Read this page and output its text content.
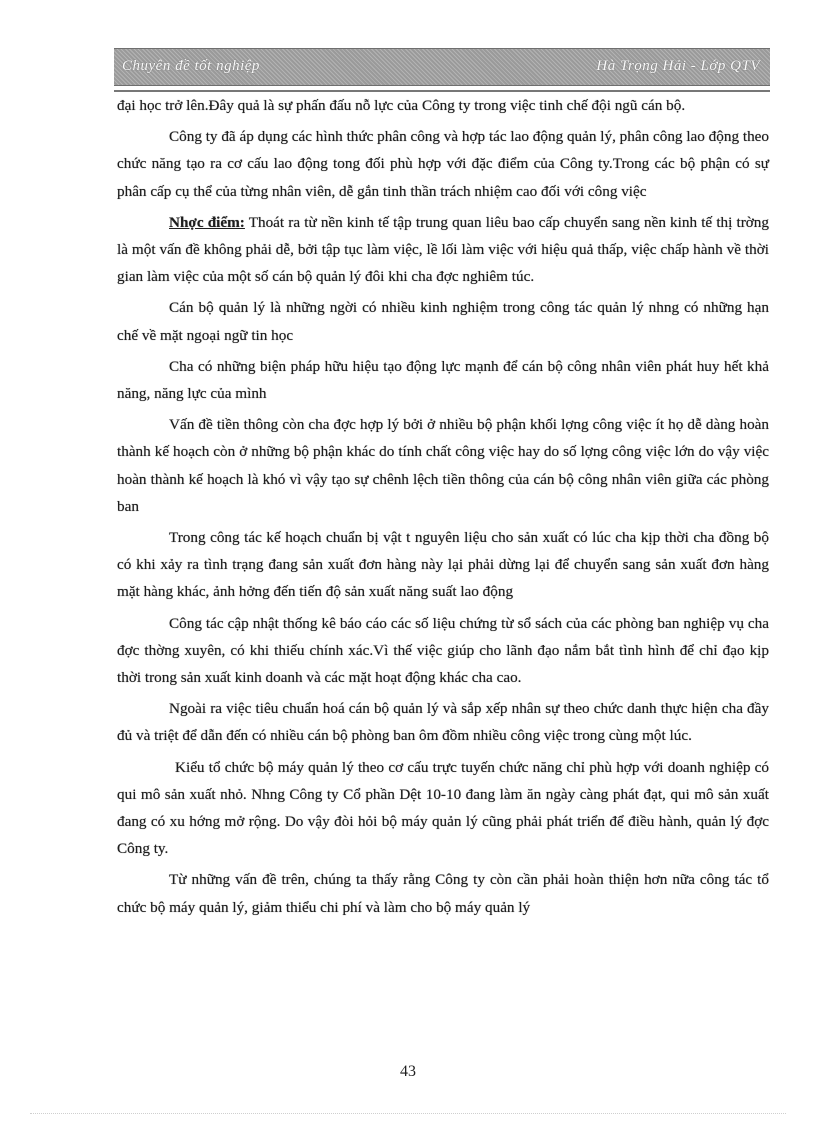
Chuyên đề tốt nghiệp	Hà Trọng Hải - Lớp QTV

đại học trở lên.Đây quả là sự phấn đấu nỗ lực của Công ty trong việc tinh chế đội ngũ cán bộ.

Công ty đã áp dụng các hình thức phân công và hợp tác lao động quản lý, phân công lao động theo chức năng tạo ra cơ cấu lao động tong đối phù hợp với đặc điểm của Công ty.Trong các bộ phận có sự phân cấp cụ thể của từng nhân viên, dễ gắn tinh thần trách nhiệm cao đối với công việc

Nhợc điểm: Thoát ra từ nền kinh tế tập trung quan liêu bao cấp chuyển sang nền kinh tế thị trờng là một vấn đề không phải dễ, bởi tập tục làm việc, lề lối làm việc với hiệu quả thấp, việc chấp hành về thời gian làm việc của một số cán bộ quản lý đôi khi cha đợc nghiêm túc.

Cán bộ quản lý là những ngời có nhiều kinh nghiệm trong công tác quản lý nhng có những hạn chế về mặt ngoại ngữ tin học

Cha có những biện pháp hữu hiệu tạo động lực mạnh để cán bộ công nhân viên phát huy hết khả năng, năng lực của mình

Vấn đề tiền thông còn cha đợc hợp lý bởi ở nhiều bộ phận khối lợng công việc ít họ dễ dàng hoàn thành kế hoạch còn ở những bộ phận khác do tính chất công việc hay do số lợng công việc lớn do vậy việc hoàn thành kế hoạch là khó vì vậy tạo sự chênh lệch tiền thông của cán bộ công nhân viên giữa các phòng ban

Trong công tác kế hoạch chuẩn bị vật t nguyên liệu cho sản xuất có lúc cha kịp thời cha đồng bộ có khi xảy ra tình trạng đang sản xuất đơn hàng này lại phải dừng lại để chuyển sang sản xuất đơn hàng mặt hàng khác, ảnh hởng đến tiến độ sản xuất năng suất lao động

Công tác cập nhật thống kê báo cáo các số liệu chứng từ sổ sách của các phòng ban nghiệp vụ cha đợc thờng xuyên, có khi thiếu chính xác.Vì thế việc giúp cho lãnh đạo nắm bắt tình hình để chỉ đạo kịp thời trong sản xuất kinh doanh và các mặt hoạt động khác cha cao.

Ngoài ra việc tiêu chuẩn hoá cán bộ quản lý và sắp xếp nhân sự theo chức danh thực hiện cha đầy đủ và triệt để dẫn đến có nhiều cán bộ phòng ban ôm đồm nhiều công việc trong cùng một lúc.

Kiểu tổ chức bộ máy quản lý theo cơ cấu trực tuyến chức năng chỉ phù hợp với doanh nghiệp có qui mô sản xuất nhỏ. Nhng Công ty Cổ phần Dệt 10-10 đang làm ăn ngày càng phát đạt, qui mô sản xuất đang có xu hớng mở rộng. Do vậy đòi hỏi bộ máy quản lý cũng phải phát triển để điều hành, quản lý đợc Công ty.

Từ những vấn đề trên, chúng ta thấy rằng Công ty còn cần phải hoàn thiện hơn nữa công tác tổ chức bộ máy quản lý, giảm thiểu chi phí và làm cho bộ máy quản lý

43
